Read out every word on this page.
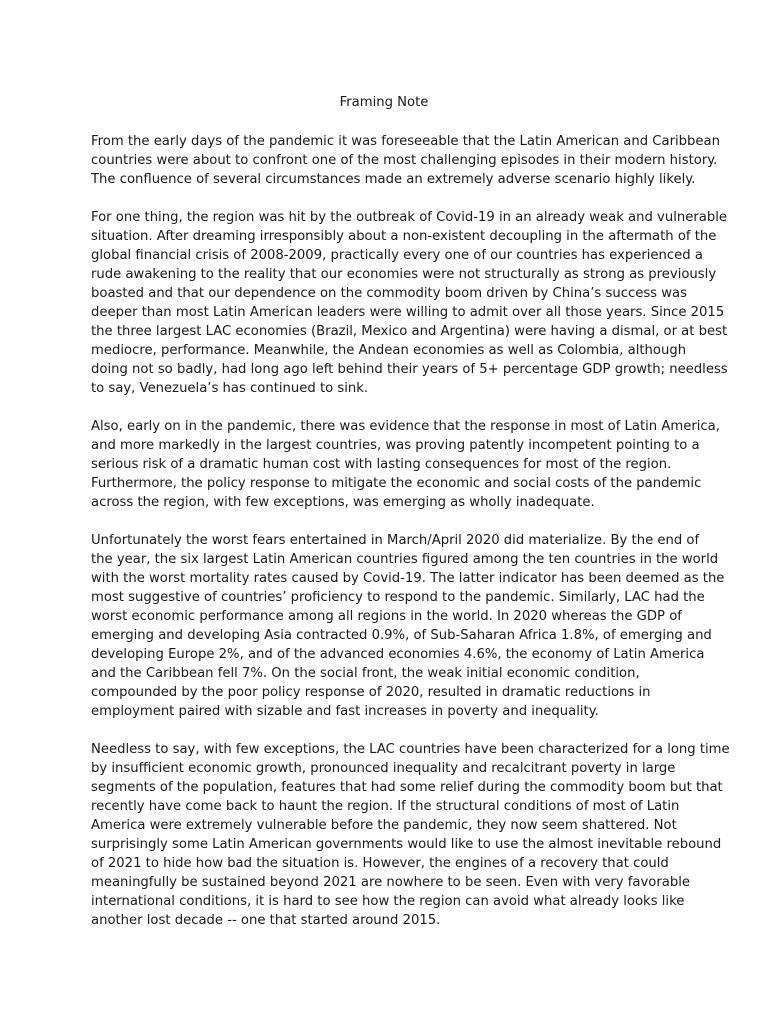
Framing Note

From the early days of the pandemic it was foreseeable that the Latin American and Caribbean
countries were about to confront one of the most challenging episodes in their modern history.
The confluence of several circumstances made an extremely adverse scenario highly likely.

For one thing, the region was hit by the outbreak of Covid-19 in an already weak and vulnerable
situation. After dreaming irresponsibly about a non-existent decoupling in the aftermath of the
global financial crisis of 2008-2009, practically every one of our countries has experienced a
rude awakening to the reality that our economies were not structurally as strong as previously
boasted and that our dependence on the commodity boom driven by China’s success was
deeper than most Latin American leaders were willing to admit over all those years. Since 2015
the three largest LAC economies (Brazil, Mexico and Argentina) were having a dismal, or at best
mediocre, performance. Meanwhile, the Andean economies as well as Colombia, although
doing not so badly, had long ago left behind their years of 5+ percentage GDP growth; needless
to say, Venezuela’s has continued to sink.

Also, early on in the pandemic, there was evidence that the response in most of Latin America,
and more markedly in the largest countries, was proving patently incompetent pointing to a
serious risk of a dramatic human cost with lasting consequences for most of the region.
Furthermore, the policy response to mitigate the economic and social costs of the pandemic
across the region, with few exceptions, was emerging as wholly inadequate.

Unfortunately the worst fears entertained in March/April 2020 did materialize. By the end of
the year, the six largest Latin American countries figured among the ten countries in the world
with the worst mortality rates caused by Covid-19. The latter indicator has been deemed as the
most suggestive of countries’ proficiency to respond to the pandemic. Similarly, LAC had the
worst economic performance among all regions in the world. In 2020 whereas the GDP of
emerging and developing Asia contracted 0.9%, of Sub-Saharan Africa 1.8%, of emerging and
developing Europe 2%, and of the advanced economies 4.6%, the economy of Latin America
and the Caribbean fell 7%. On the social front, the weak initial economic condition,
compounded by the poor policy response of 2020, resulted in dramatic reductions in
employment paired with sizable and fast increases in poverty and inequality.

Needless to say, with few exceptions, the LAC countries have been characterized for a long time
by insufficient economic growth, pronounced inequality and recalcitrant poverty in large
segments of the population, features that had some relief during the commodity boom but that
recently have come back to haunt the region. If the structural conditions of most of Latin
America were extremely vulnerable before the pandemic, they now seem shattered. Not
surprisingly some Latin American governments would like to use the almost inevitable rebound
of 2021 to hide how bad the situation is. However, the engines of a recovery that could
meaningfully be sustained beyond 2021 are nowhere to be seen. Even with very favorable
international conditions, it is hard to see how the region can avoid what already looks like
another lost decade -- one that started around 2015.
